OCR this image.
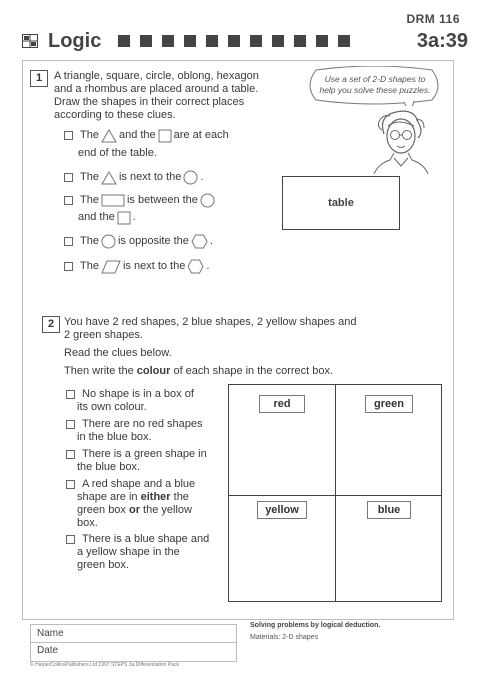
DRM 116
Logic	3a:39
1	A triangle, square, circle, oblong, hexagon
and a rhombus are placed around a table.
Draw the shapes in their correct places
according to these clues.
The and the are at each
end of the table.
The is next to the .
The	is between the
and the .
The is opposite the .
The is next to the .
Use a set of 2-D shapes to help you solve these puzzles.
table
2 You have 2 red shapes, 2 blue shapes, 2 yellow shapes and
2 green shapes.
Read the clues below.
Then write the colour of each shape in the correct box.
No shape is in a box of
its own colour.
There are no red shapes
in the blue box.
There is a green shape in
the blue box.
A red shape and a blue
shape are in either the
green box or the yellow
box.
There is a blue shape and
a yellow shape in the
green box.
red	green
yellow	blue
Name
Date
Solving problems by logical deduction.
Materials: 2-D shapes
© HarperCollinsPublishers Ltd 1997 STEPS 3a Differentiation Pack
